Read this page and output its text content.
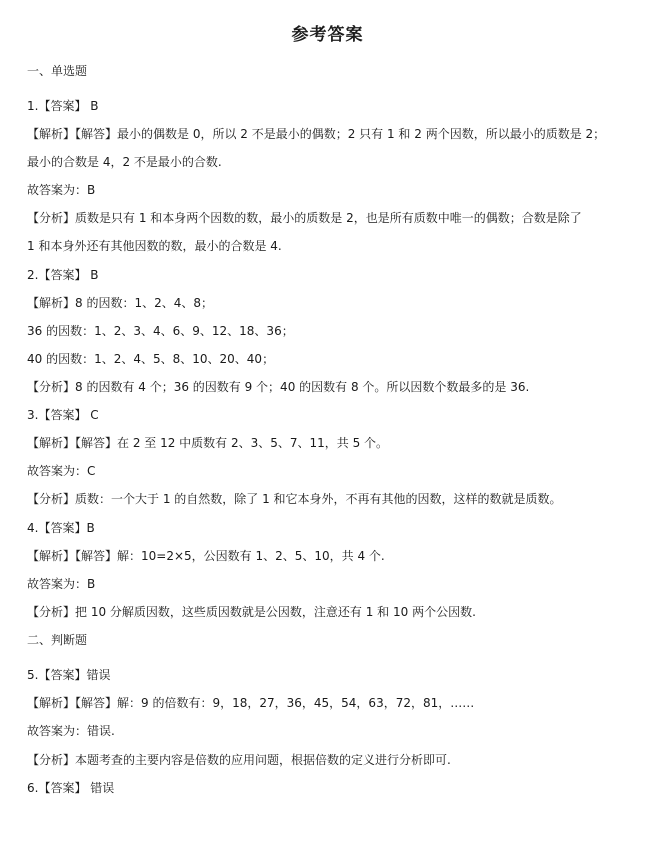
参考答案
一、单选题
1.【答案】 B
【解析】【解答】最小的偶数是 0，所以 2 不是最小的偶数；2 只有 1 和 2 两个因数，所以最小的质数是 2；
最小的合数是 4，2 不是最小的合数.
故答案为：B
【分析】质数是只有 1 和本身两个因数的数，最小的质数是 2，也是所有质数中唯一的偶数；合数是除了
1 和本身外还有其他因数的数，最小的合数是 4.
2.【答案】 B
【解析】8 的因数：1、2、4、8；
36 的因数：1、2、3、4、6、9、12、18、36；
40 的因数：1、2、4、5、8、10、20、40；
【分析】8 的因数有 4 个；36 的因数有 9 个；40 的因数有 8 个。所以因数个数最多的是 36.
3.【答案】 C
【解析】【解答】在 2 至 12 中质数有 2、3、5、7、11，共 5 个。
故答案为：C
【分析】质数：一个大于 1 的自然数，除了 1 和它本身外，不再有其他的因数，这样的数就是质数。
4.【答案】B
【解析】【解答】解：10=2×5，公因数有 1、2、5、10，共 4 个.
故答案为：B
【分析】把 10 分解质因数，这些质因数就是公因数，注意还有 1 和 10 两个公因数.
二、判断题
5.【答案】错误
【解析】【解答】解：9 的倍数有：9，18，27，36，45，54，63，72，81，……
故答案为：错误.
【分析】本题考查的主要内容是倍数的应用问题，根据倍数的定义进行分析即可.
6.【答案】 错误
